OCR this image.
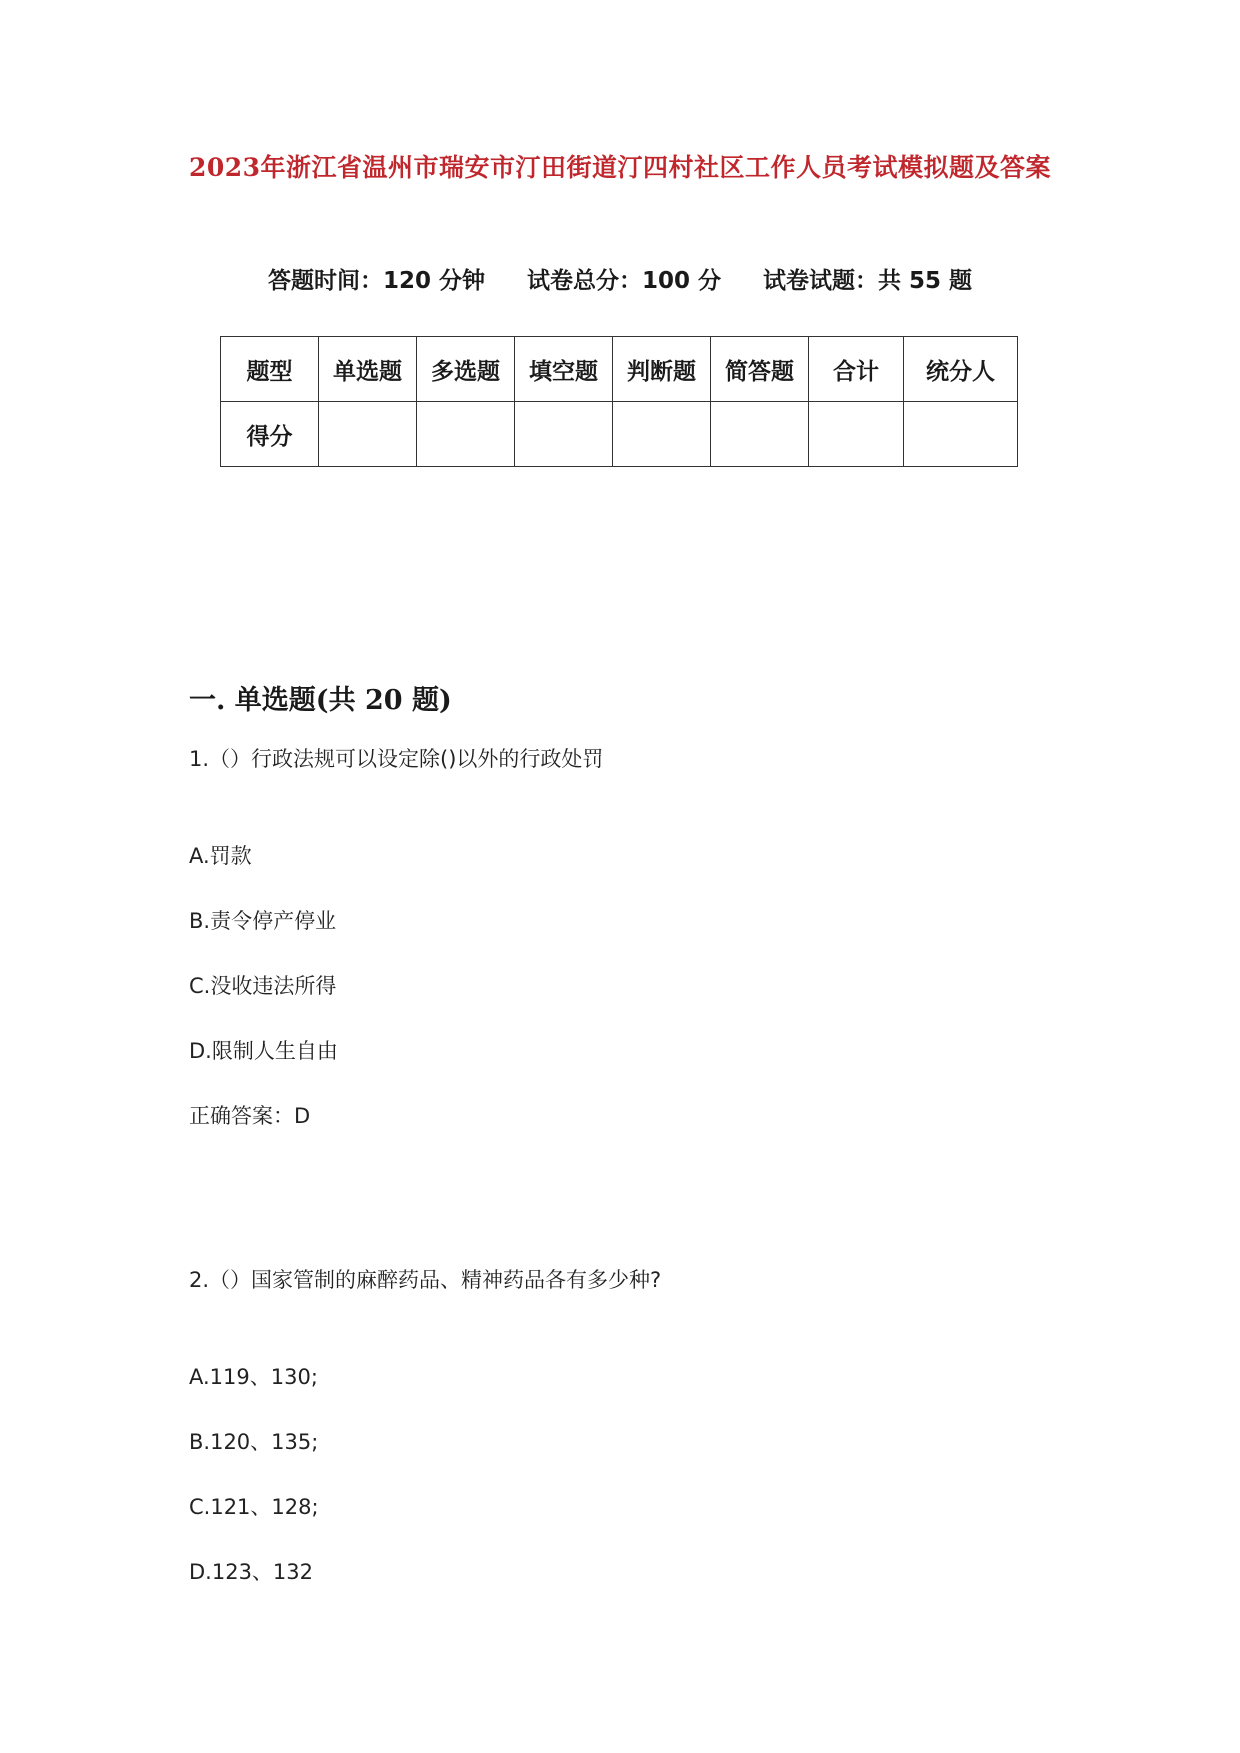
2023年浙江省温州市瑞安市汀田街道汀四村社区工作人员考试模拟题及答案
答题时间：120 分钟 试卷总分：100 分 试卷试题：共 55 题
题型	单选题	多选题	填空题	判断题	简答题	合计	统分人
得分							
一. 单选题(共 20 题)
1.（）行政法规可以设定除()以外的行政处罚
A.罚款
B.责令停产停业
C.没收违法所得
D.限制人生自由
正确答案：D
2.（）国家管制的麻醉药品、精神药品各有多少种?
A.119、130;
B.120、135;
C.121、128;
D.123、132
